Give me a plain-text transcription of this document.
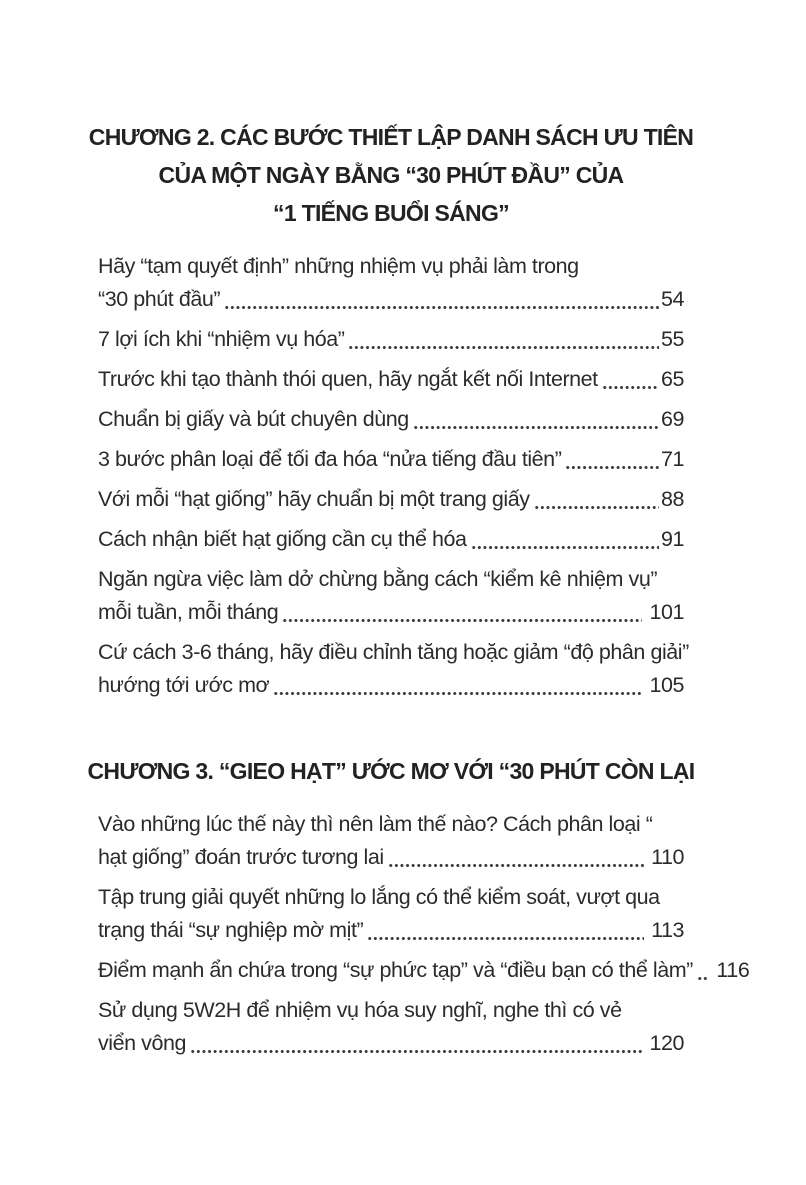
CHƯƠNG 2. CÁC BƯỚC THIẾT LẬP DANH SÁCH ƯU TIÊN
CỦA MỘT NGÀY BẰNG “30 PHÚT ĐẦU” CỦA
“1 TIẾNG BUỔI SÁNG”
Hãy “tạm quyết định” những nhiệm vụ phải làm trong
“30 phút đầu”	54
7 lợi ích khi “nhiệm vụ hóa”	55
Trước khi tạo thành thói quen, hãy ngắt kết nối Internet	65
Chuẩn bị giấy và bút chuyên dùng	69
3 bước phân loại để tối đa hóa “nửa tiếng đầu tiên”	71
Với mỗi “hạt giống” hãy chuẩn bị một trang giấy	88
Cách nhận biết hạt giống cần cụ thể hóa	91
Ngăn ngừa việc làm dở chừng bằng cách “kiểm kê nhiệm vụ”
mỗi tuần, mỗi tháng	101
Cứ cách 3-6 tháng, hãy điều chỉnh tăng hoặc giảm “độ phân giải”
hướng tới ước mơ	105
CHƯƠNG 3. “GIEO HẠT” ƯỚC MƠ VỚI “30 PHÚT CÒN LẠI
Vào những lúc thế này thì nên làm thế nào? Cách phân loại “
hạt giống” đoán trước tương lai	110
Tập trung giải quyết những lo lắng có thể kiểm soát, vượt qua
trạng thái “sự nghiệp mờ mịt”	113
Điểm mạnh ẩn chứa trong “sự phức tạp” và “điều bạn có thể làm” 116
Sử dụng 5W2H để nhiệm vụ hóa suy nghĩ, nghe thì có vẻ
viển vông	120
